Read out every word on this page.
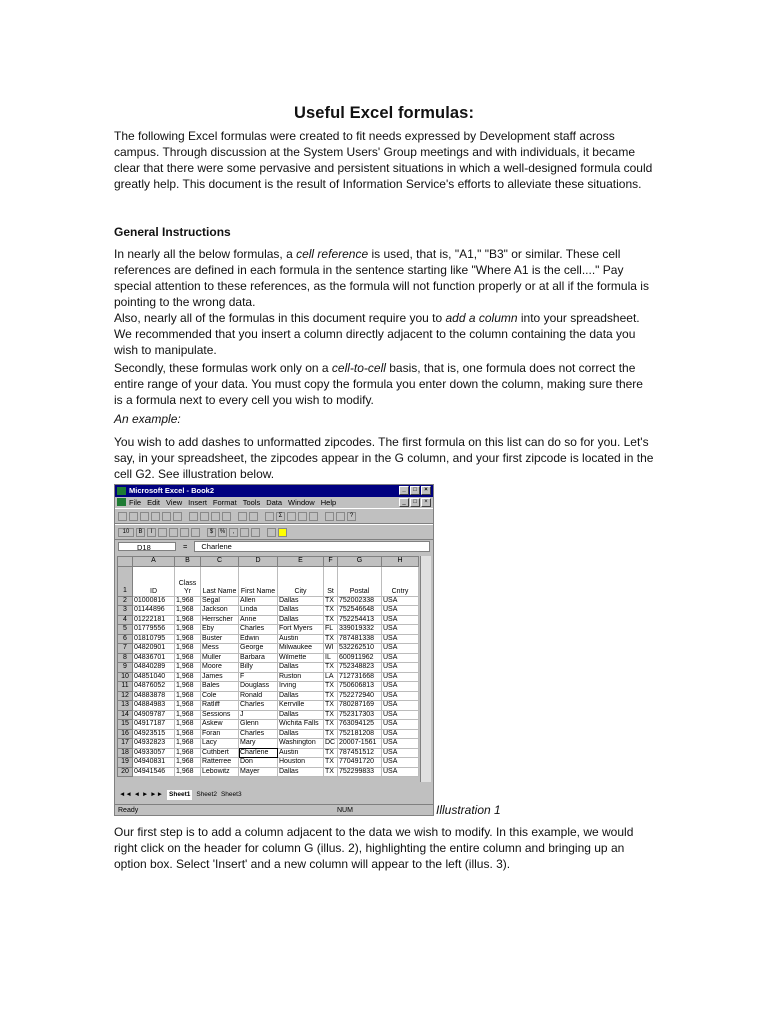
Useful Excel formulas:

The following Excel formulas were created to fit needs expressed by Development staff across campus. Through discussion at the System Users' Group meetings and with individuals, it became clear that there were some pervasive and persistent situations in which a well-designed formula could greatly help. This document is the result of Information Service's efforts to alleviate these situations.

General Instructions

In nearly all the below formulas, a cell reference is used, that is, "A1," "B3" or similar. These cell references are defined in each formula in the sentence starting like "Where A1 is the cell...." Pay special attention to these references, as the formula will not function properly or at all if the formula is pointing to the wrong data.

Also, nearly all of the formulas in this document require you to add a column into your spreadsheet. We recommended that you insert a column directly adjacent to the column containing the data you wish to manipulate.

Secondly, these formulas work only on a cell-to-cell basis, that is, one formula does not correct the entire range of your data. You must copy the formula you enter down the column, making sure there is a formula next to every cell you wish to modify.

An example:

You wish to add dashes to unformatted zipcodes. The first formula on this list can do so for you. Let's say, in your spreadsheet, the zipcodes appear in the G column, and your first zipcode is located in the cell G2. See illustration below.

Our first step is to add a column adjacent to the data we wish to modify. In this example, we would right click on the header for column G (illus. 2), highlighting the entire column and bringing up an option box. Select 'Insert' and a new column will appear to the left (illus. 3).

Microsoft Excel - Book2	_	□	×
File Edit View Insert Format Tools Data Window Help	_	□	×
Σ	?
10	B	I	$	%	,
D18	=	Charlene
	A	B	C	D	E	F	G	H
1	ID	Class Yr	Last Name	First Name	City	St	Postal	Cntry
2	01000816	1,968	Segal	Allen	Dallas	TX	752002338	USA
3	01144896	1,968	Jackson	Linda	Dallas	TX	752546648	USA
4	01222181	1,968	Herrscher	Anne	Dallas	TX	752254413	USA
5	01779556	1,968	Eby	Charles	Fort Myers	FL	339019332	USA
6	01810795	1,968	Buster	Edwin	Austin	TX	787481338	USA
7	04820901	1,968	Mess	George	Milwaukee	WI	532262510	USA
8	04836701	1,968	Muller	Barbara	Wilmette	IL	600911962	USA
9	04840289	1,968	Moore	Billy	Dallas	TX	752348823	USA
10	04851040	1,968	James	F	Ruston	LA	712731668	USA
11	04876052	1,968	Bales	Douglass	Irving	TX	750606813	USA
12	04883878	1,968	Cole	Ronald	Dallas	TX	752272940	USA
13	04884983	1,968	Ratliff	Charles	Kerrville	TX	780287169	USA
14	04909787	1,968	Sessions	J	Dallas	TX	752317303	USA
15	04917187	1,968	Askew	Glenn	Wichita Falls	TX	763094125	USA
16	04923515	1,968	Foran	Charles	Dallas	TX	752181208	USA
17	04932823	1,968	Lacy	Mary	Washington	DC	20007-1561	USA
18	04933057	1,968	Cuthbert	Charlene	Austin	TX	787451512	USA
19	04940831	1,968	Ratterree	Don	Houston	TX	770491720	USA
20	04941546	1,968	Lebowitz	Mayer	Dallas	TX	752299833	USA
◄◄ ◄ ► ►► Sheet1 Sheet2 Sheet3
Ready	NUM	Illustration 1
